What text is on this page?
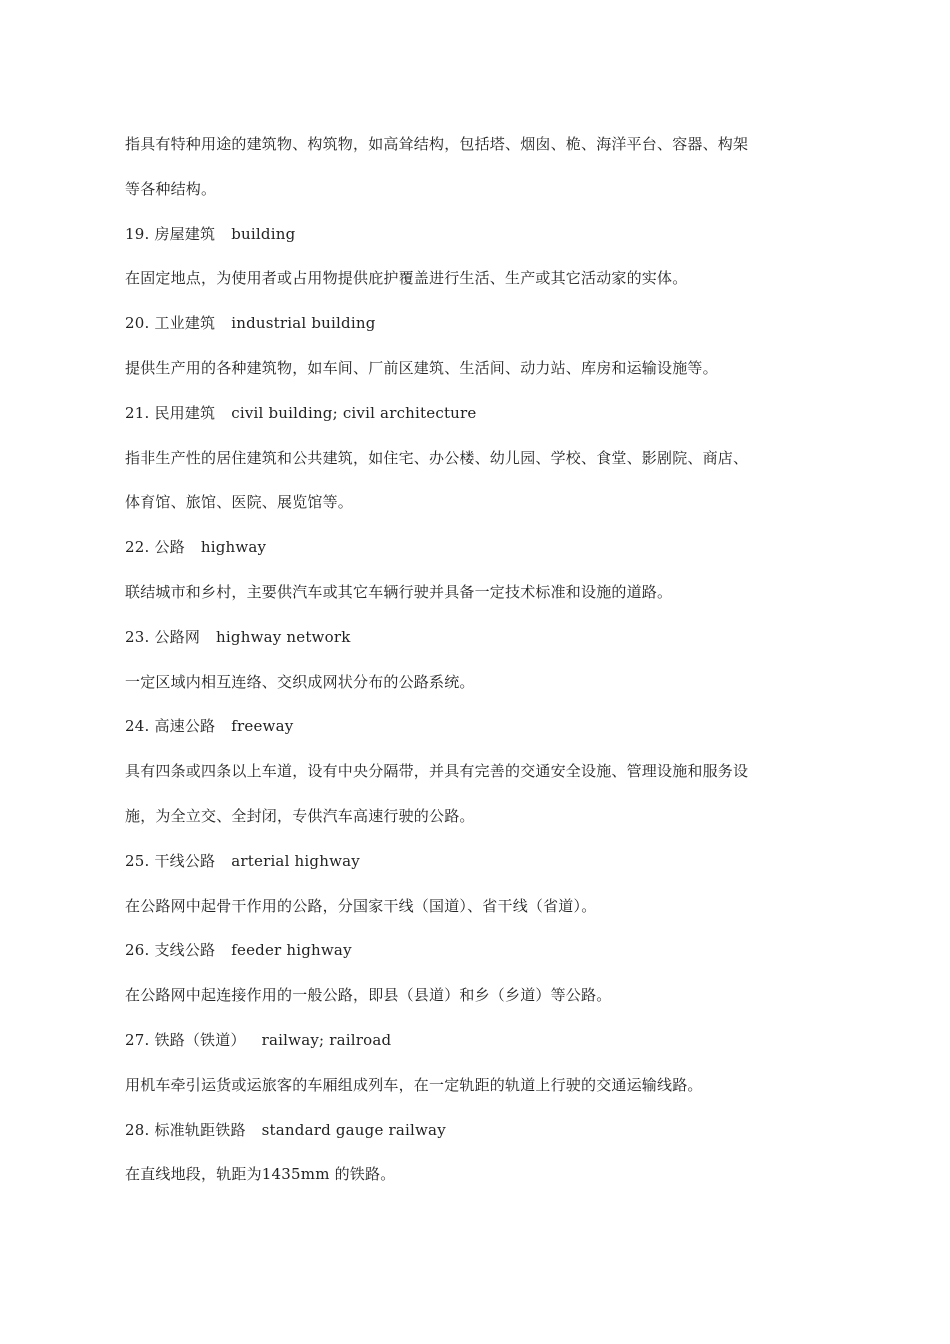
指具有特种用途的建筑物、构筑物，如高耸结构，包括塔、烟囱、桅、海洋平台、容器、构架
等各种结构。
19. 房屋建筑 building
在固定地点，为使用者或占用物提供庇护覆盖进行生活、生产或其它活动家的实体。
20. 工业建筑 industrial building
提供生产用的各种建筑物，如车间、厂前区建筑、生活间、动力站、库房和运输设施等。
21. 民用建筑 civil building; civil architecture
指非生产性的居住建筑和公共建筑，如住宅、办公楼、幼儿园、学校、食堂、影剧院、商店、
体育馆、旅馆、医院、展览馆等。
22. 公路 highway
联结城市和乡村，主要供汽车或其它车辆行驶并具备一定技术标准和设施的道路。
23. 公路网 highway network
一定区域内相互连络、交织成网状分布的公路系统。
24. 高速公路 freeway
具有四条或四条以上车道，设有中央分隔带，并具有完善的交通安全设施、管理设施和服务设
施，为全立交、全封闭，专供汽车高速行驶的公路。
25. 干线公路 arterial highway
在公路网中起骨干作用的公路，分国家干线（国道）、省干线（省道）。
26. 支线公路 feeder highway
在公路网中起连接作用的一般公路，即县（县道）和乡（乡道）等公路。
27. 铁路（铁道） railway; railroad
用机车牵引运货或运旅客的车厢组成列车，在一定轨距的轨道上行驶的交通运输线路。
28. 标准轨距铁路 standard gauge railway
在直线地段，轨距为1435mm 的铁路。
